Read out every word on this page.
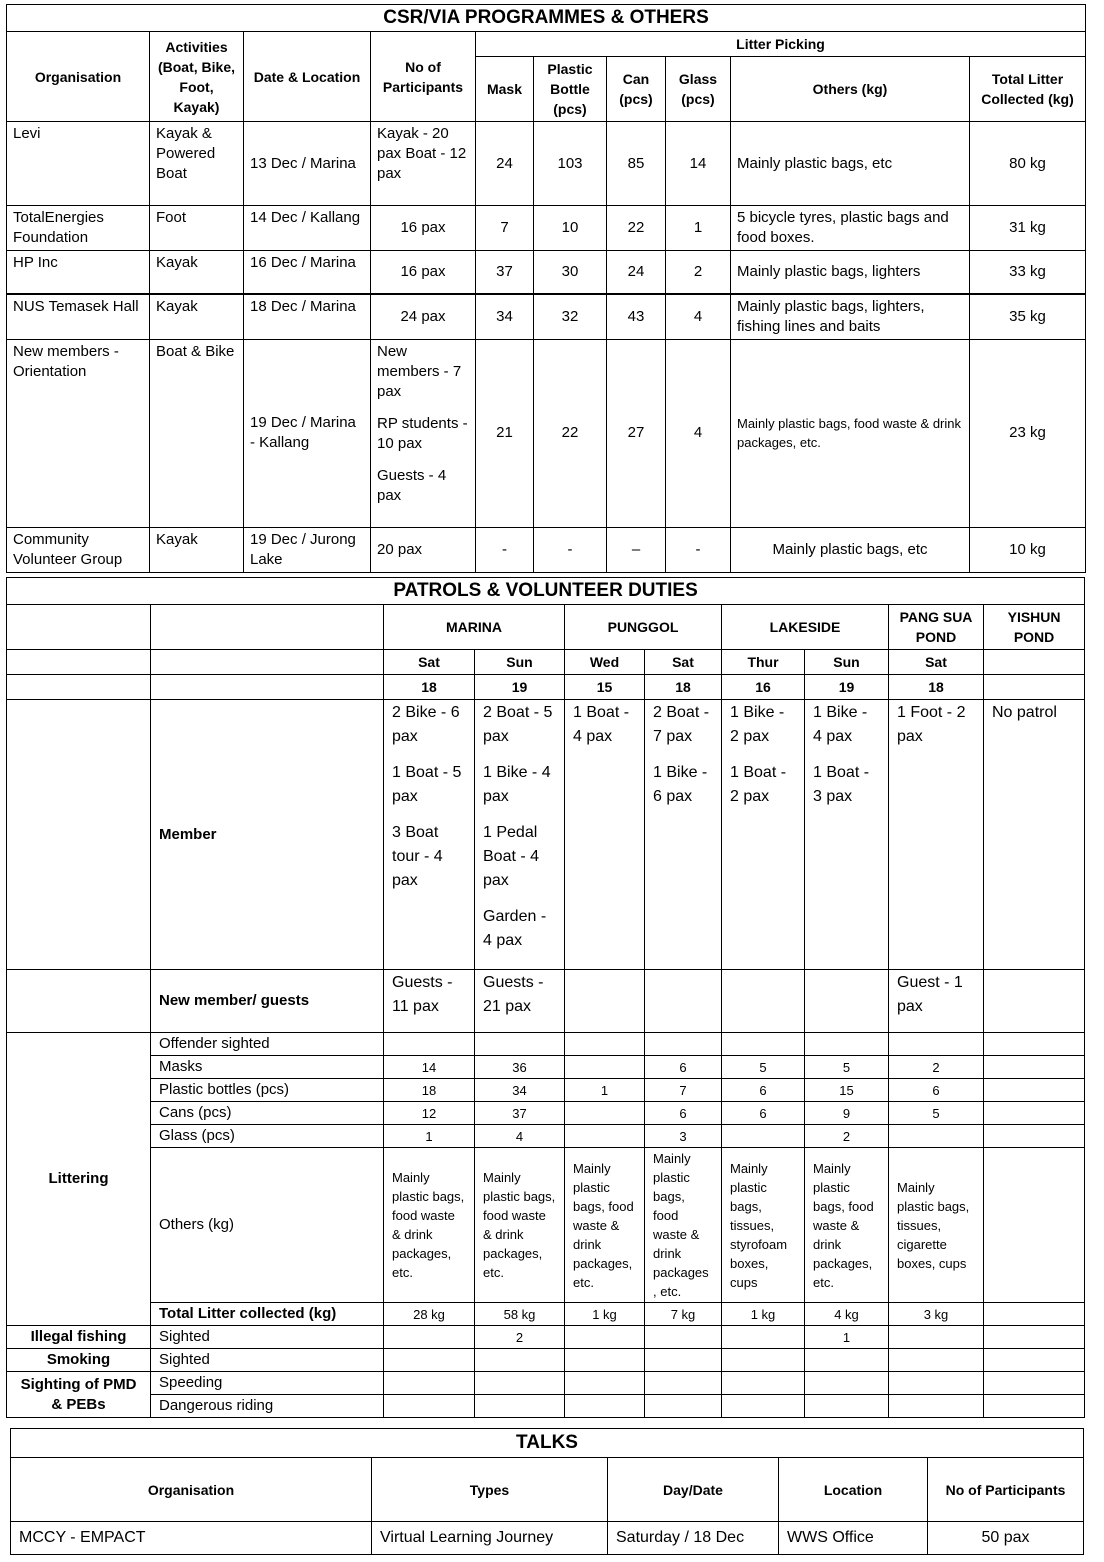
CSR/VIA PROGRAMMES & OTHERS									
Organisation	Activities (Boat, Bike, Foot, Kayak)	Date & Location	No of Participants	Litter Picking					
				Mask	Plastic Bottle (pcs)	Can (pcs)	Glass (pcs)	Others (kg)	Total Litter Collected (kg)
Levi	Kayak & Powered Boat	13 Dec / Marina	Kayak - 20 pax Boat - 12 pax	24	103	85	14	Mainly plastic bags, etc	80 kg
TotalEnergies Foundation	Foot	14 Dec / Kallang	16 pax	7	10	22	1	5 bicycle tyres, plastic bags and food boxes.	31 kg
HP Inc	Kayak	16 Dec / Marina	16 pax	37	30	24	2	Mainly plastic bags, lighters	33 kg
NUS Temasek Hall	Kayak	18 Dec / Marina	24 pax	34	32	43	4	Mainly plastic bags, lighters, fishing lines and baits	35 kg
New members - Orientation	Boat & Bike	19 Dec / Marina - Kallang	New members - 7 pax
RP students - 10 pax
Guests - 4 pax	21	22	27	4	Mainly plastic bags, food waste & drink packages, etc.	23 kg
Community Volunteer Group	Kayak	19 Dec / Jurong Lake	20 pax	-	-	–	-	Mainly plastic bags, etc	10 kg
PATROLS & VOLUNTEER DUTIES									
		MARINA		PUNGGOL		LAKESIDE		PANG SUA POND	YISHUN POND
		Sat	Sun	Wed	Sat	Thur	Sun	Sat	
		18	19	15	18	16	19	18	
	Member	2 Bike - 6 pax
1 Boat - 5 pax
3 Boat tour - 4 pax	2 Boat - 5 pax
1 Bike - 4 pax
1 Pedal Boat - 4 pax
Garden - 4 pax	1 Boat - 4 pax	2 Boat - 7 pax
1 Bike - 6 pax	1 Bike - 2 pax
1 Boat - 2 pax	1 Bike - 4 pax
1 Boat - 3 pax	1 Foot - 2 pax	No patrol
	New member/ guests	Guests - 11 pax	Guests - 21 pax					Guest - 1 pax	
Littering	Offender sighted								
	Masks	14	36		6	5	5	2	
	Plastic bottles (pcs)	18	34	1	7	6	15	6	
	Cans (pcs)	12	37		6	6	9	5	
	Glass (pcs)	1	4		3		2		
	Others (kg)	Mainly plastic bags, food waste & drink packages, etc.	Mainly plastic bags, food waste & drink packages, etc.	Mainly plastic bags, food waste & drink packages, etc.	Mainly plastic bags, food waste & drink packages , etc.	Mainly plastic bags, tissues, styrofoam boxes, cups	Mainly plastic bags, food waste & drink packages, etc.	Mainly plastic bags, tissues, cigarette boxes, cups	
	Total Litter collected (kg)	28 kg	58 kg	1 kg	7 kg	1 kg	4 kg	3 kg	
Illegal fishing	Sighted		2				1		
Smoking	Sighted								
Sighting of PMD & PEBs	Speeding								
	Dangerous riding								
TALKS				
Organisation	Types	Day/Date	Location	No of Participants
MCCY - EMPACT	Virtual Learning Journey	Saturday / 18 Dec	WWS Office	50 pax
